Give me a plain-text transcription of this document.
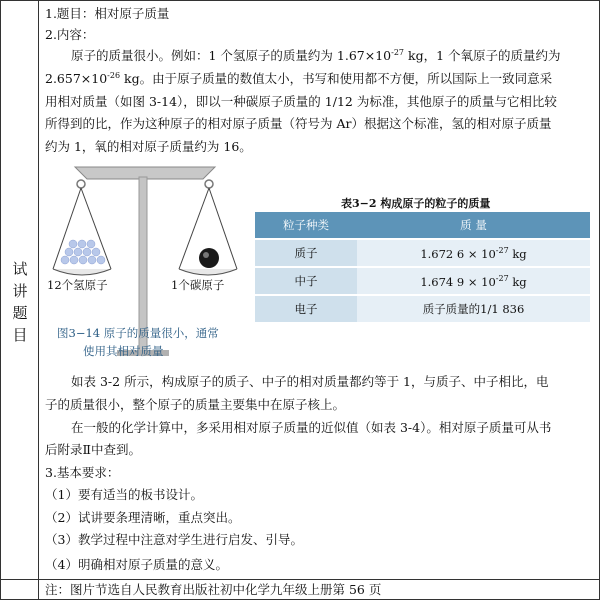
试
讲
题
目
1.题目：相对原子质量
2.内容：
原子的质量很小。例如：1 个氢原子的质量约为 $1.67\times 10^{-27}$ kg，1 个氧原子的质量约为
$2.657\times 10^{-26}$ kg。由于原子质量的数值太小，书写和使用都不方便，所以国际上一致同意采
用相对质量（如图 3-14），即以一种碳原子质量的 1/12 为标准，其他原子的质量与它相比较
所得到的比，作为这种原子的相对原子质量（符号为 Ar）根据这个标准，氢的相对原子质量
约为 1，氧的相对原子质量约为 16。
如表 3-2 所示，构成原子的质子、中子的相对质量都约等于 1，与质子、中子相比，电
子的质量很小，整个原子的质量主要集中在原子核上。
在一般的化学计算中，多采用相对原子质量的近似值（如表 3-4）。相对原子质量可从书
后附录Ⅱ中查到。
3.基本要求：
（1）要有适当的板书设计。
（2）试讲要条理清晰，重点突出。
（3）教学过程中注意对学生进行启发、引导。
（4）明确相对原子质量的意义。
注：图片节选自人民教育出版社初中化学九年级上册第 56 页
12个氢原子	1个碳原子
图3−14 原子的质量很小，通常
使用其相对质量
表3−2 构成原子的粒子的质量
粒子种类	质 量
质子	1.672 $6 \times 10^{-27}$ kg
中子	1.674 $9 \times 10^{-27}$ kg
电子	质子质量的1/1 836
